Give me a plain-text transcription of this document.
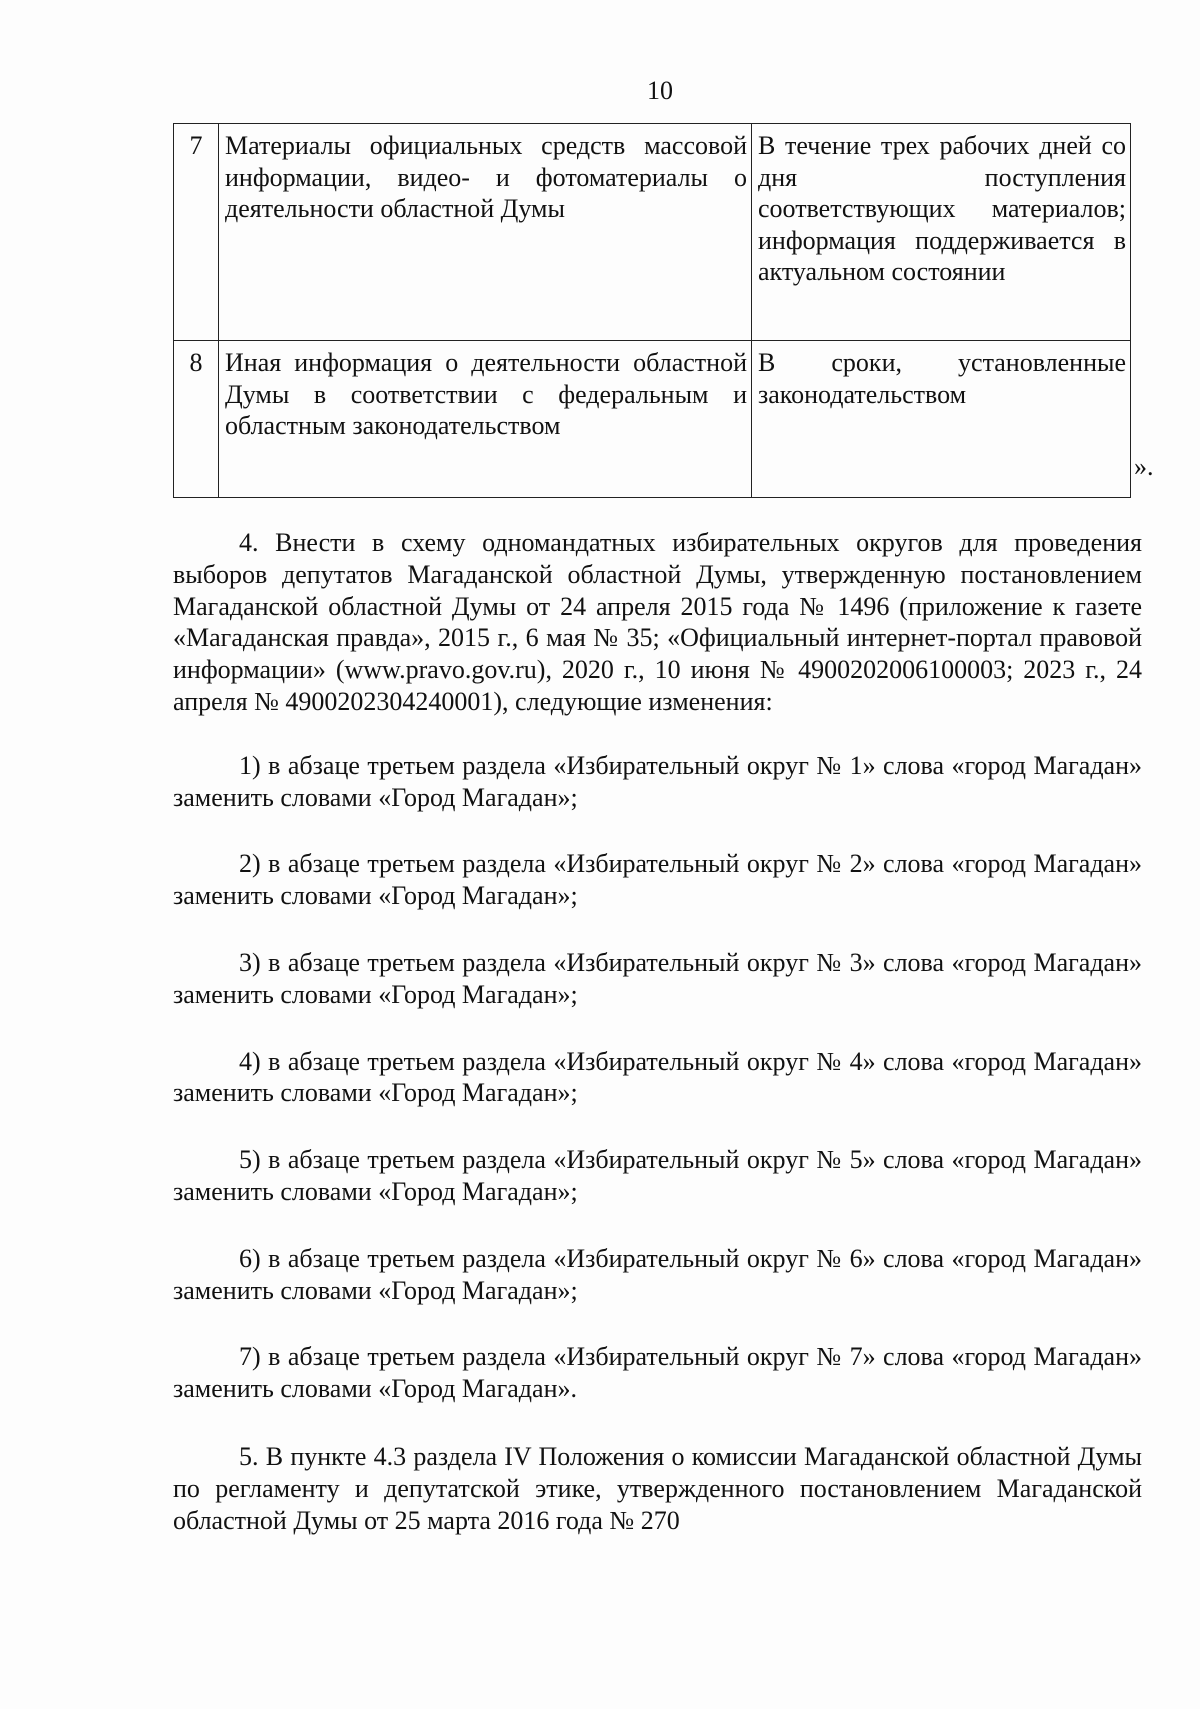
10
7	Материалы официальных средств массовой информации, видео- и фотоматериалы о деятельности областной Думы	В течение трех рабочих дней со дня поступления соответствующих материалов; информация поддерживается в актуальном состоянии
8	Иная информация о деятельности областной Думы в соответствии с федеральным и областным законодательством	В сроки, установленные законодательством
».

4. Внести в схему одномандатных избирательных округов для проведения выборов депутатов Магаданской областной Думы, утвержденную постановлением Магаданской областной Думы от 24 апреля 2015 года № 1496 (приложение к газете «Магаданская правда», 2015 г., 6 мая № 35; «Официальный интернет-портал правовой информации» (www.pravo.gov.ru), 2020 г., 10 июня № 4900202006100003; 2023 г., 24 апреля № 4900202304240001), следующие изменения:

1) в абзаце третьем раздела «Избирательный округ № 1» слова «город Магадан» заменить словами «Город Магадан»;

2) в абзаце третьем раздела «Избирательный округ № 2» слова «город Магадан» заменить словами «Город Магадан»;

3) в абзаце третьем раздела «Избирательный округ № 3» слова «город Магадан» заменить словами «Город Магадан»;

4) в абзаце третьем раздела «Избирательный округ № 4» слова «город Магадан» заменить словами «Город Магадан»;

5) в абзаце третьем раздела «Избирательный округ № 5» слова «город Магадан» заменить словами «Город Магадан»;

6) в абзаце третьем раздела «Избирательный округ № 6» слова «город Магадан» заменить словами «Город Магадан»;

7) в абзаце третьем раздела «Избирательный округ № 7» слова «город Магадан» заменить словами «Город Магадан».

5. В пункте 4.3 раздела IV Положения о комиссии Магаданской областной Думы по регламенту и депутатской этике, утвержденного постановлением Магаданской областной Думы от 25 марта 2016 года № 270
